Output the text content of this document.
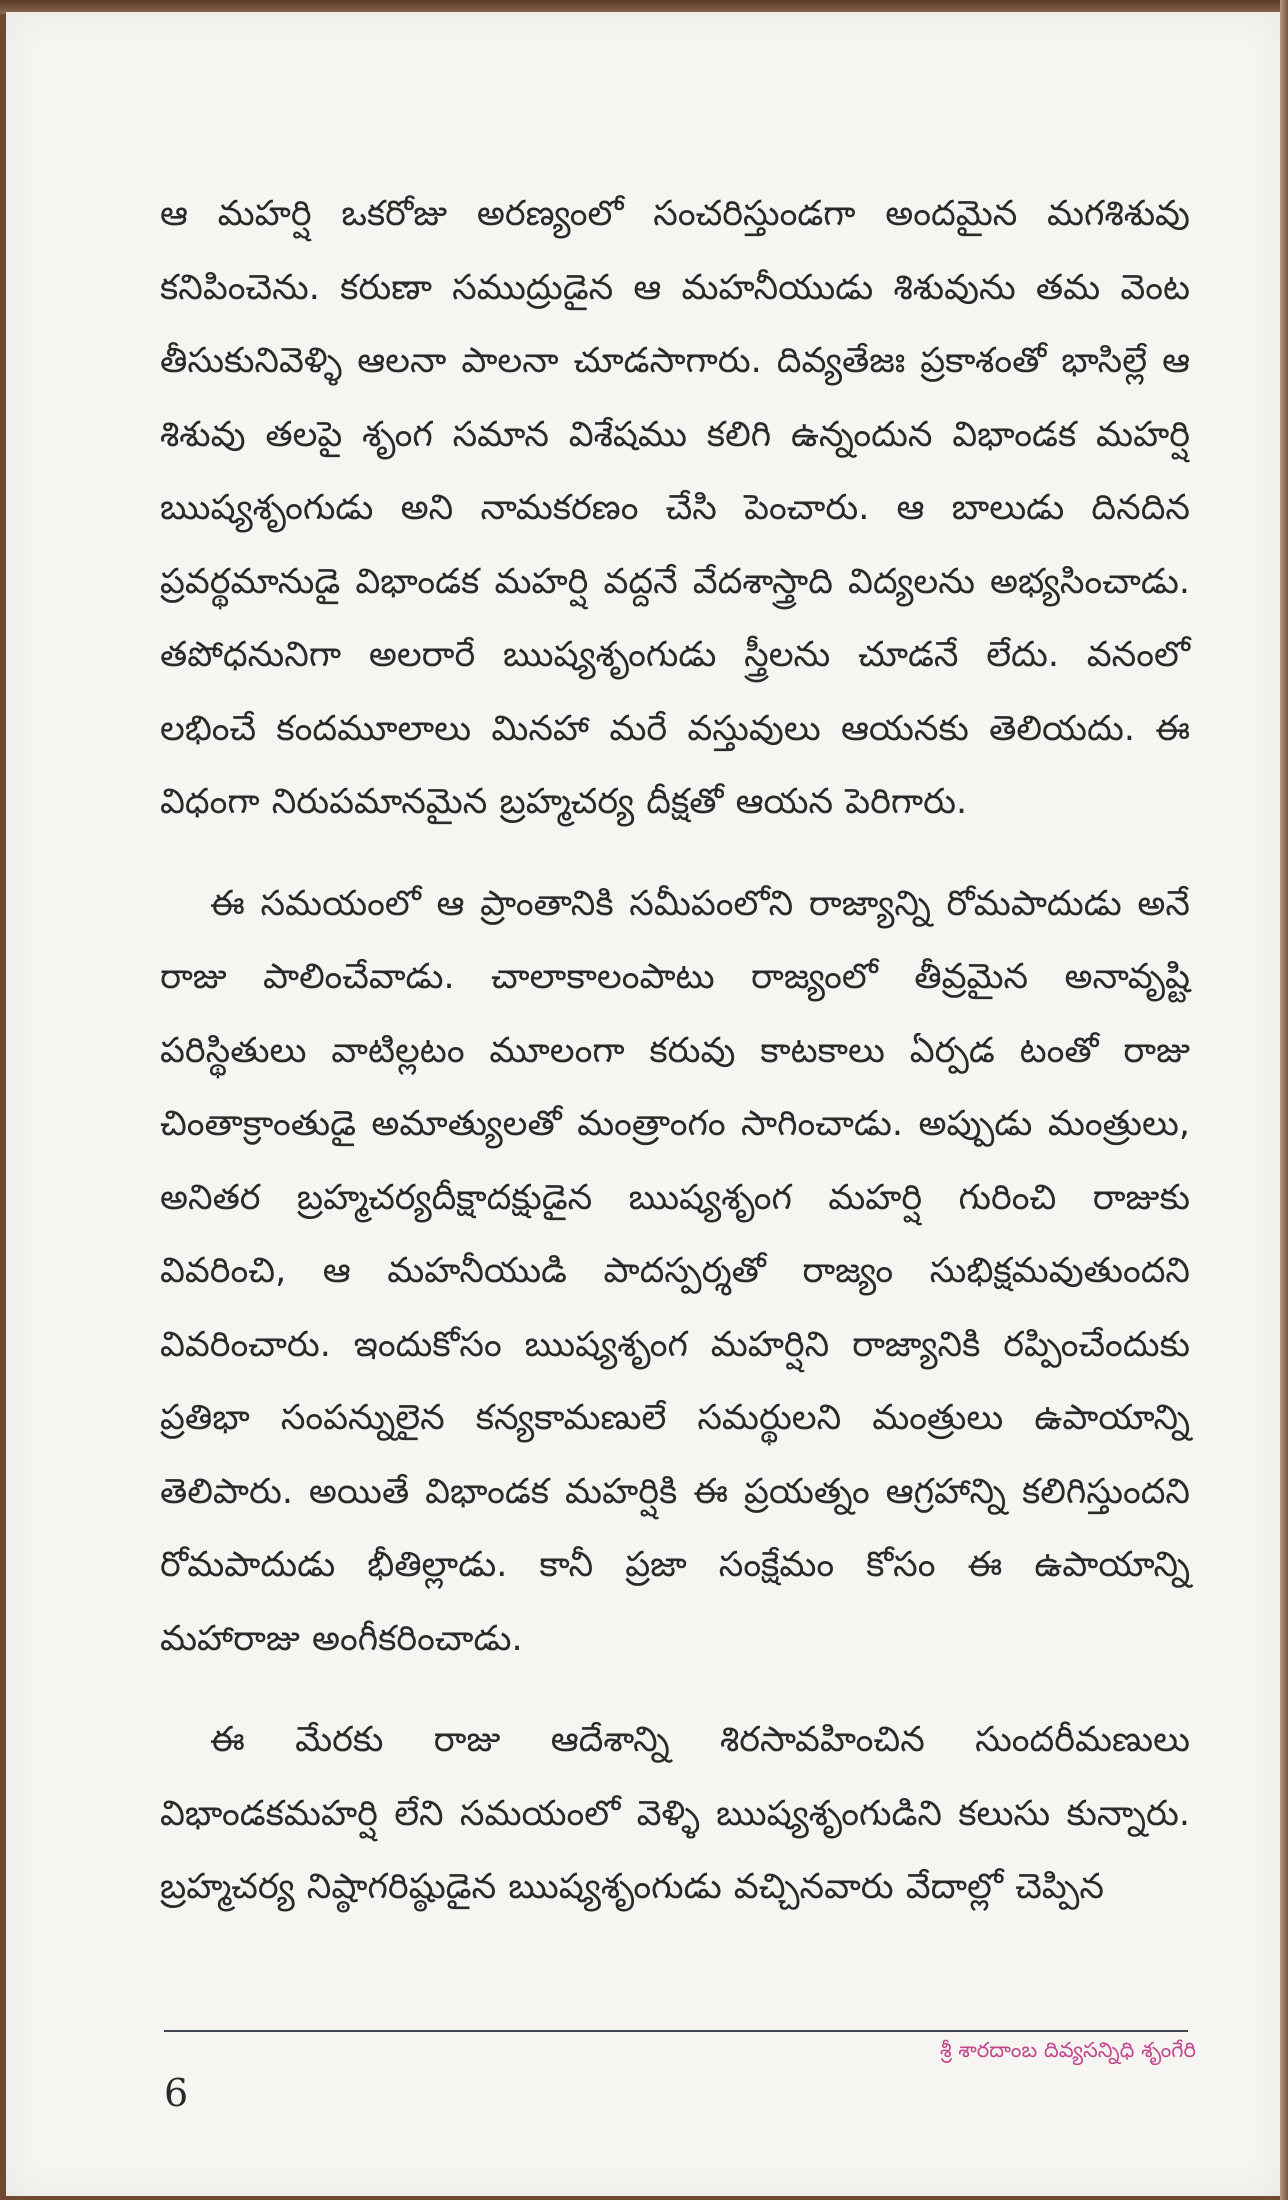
ఆ మహర్షి ఒకరోజు అరణ్యంలో సంచరిస్తుండగా అందమైన మగశిశువు కనిపించెను. కరుణా సముద్రుడైన ఆ మహనీయుడు శిశువును తమ వెంట తీసుకునివెళ్ళి ఆలనా పాలనా చూడసాగారు. దివ్యతేజః ప్రకాశంతో భాసిల్లే ఆ శిశువు తలపై శృంగ సమాన విశేషము కలిగి ఉన్నందున విభాండక మహర్షి ఋష్యశృంగుడు అని నామకరణం చేసి పెంచారు. ఆ బాలుడు దినదిన ప్రవర్థమానుడై విభాండక మహర్షి వద్దనే వేదశాస్త్రాది విద్యలను అభ్యసించాడు. తపోధనునిగా అలరారే ఋష్యశృంగుడు స్త్రీలను చూడనే లేదు. వనంలో లభించే కందమూలాలు మినహా మరే వస్తువులు ఆయనకు తెలియదు. ఈ విధంగా నిరుపమానమైన బ్రహ్మచర్య దీక్షతో ఆయన పెరిగారు.

ఈ సమయంలో ఆ ప్రాంతానికి సమీపంలోని రాజ్యాన్ని రోమపాదుడు అనే రాజు పాలించేవాడు. చాలాకాలంపాటు రాజ్యంలో తీవ్రమైన అనావృష్టి పరిస్థితులు వాటిల్లటం మూలంగా కరువు కాటకాలు ఏర్పడ టంతో రాజు చింతాక్రాంతుడై అమాత్యులతో మంత్రాంగం సాగించాడు. అప్పుడు మంత్రులు, అనితర బ్రహ్మచర్యదీక్షాదక్షుడైన ఋష్యశృంగ మహర్షి గురించి రాజుకు వివరించి, ఆ మహనీయుడి పాదస్పర్శతో రాజ్యం సుభిక్షమవుతుందని వివరించారు. ఇందుకోసం ఋష్యశృంగ మహర్షిని రాజ్యానికి రప్పించేందుకు ప్రతిభా సంపన్నులైన కన్యకామణులే సమర్థులని మంత్రులు ఉపాయాన్ని తెలిపారు. అయితే విభాండక మహర్షికి ఈ ప్రయత్నం ఆగ్రహాన్ని కలిగిస్తుందని రోమపాదుడు భీతిల్లాడు. కానీ ప్రజా సంక్షేమం కోసం ఈ ఉపాయాన్ని మహారాజు అంగీకరించాడు.

ఈ మేరకు రాజు ఆదేశాన్ని శిరసావహించిన సుందరీమణులు విభాండకమహర్షి లేని సమయంలో వెళ్ళి ఋష్యశృంగుడిని కలుసు కున్నారు. బ్రహ్మచర్య నిష్ఠాగరిష్ఠుడైన ఋష్యశృంగుడు వచ్చినవారు వేదాల్లో చెప్పిన

6
శ్రీ శారదాంబ దివ్యసన్నిధి శృంగేరి
